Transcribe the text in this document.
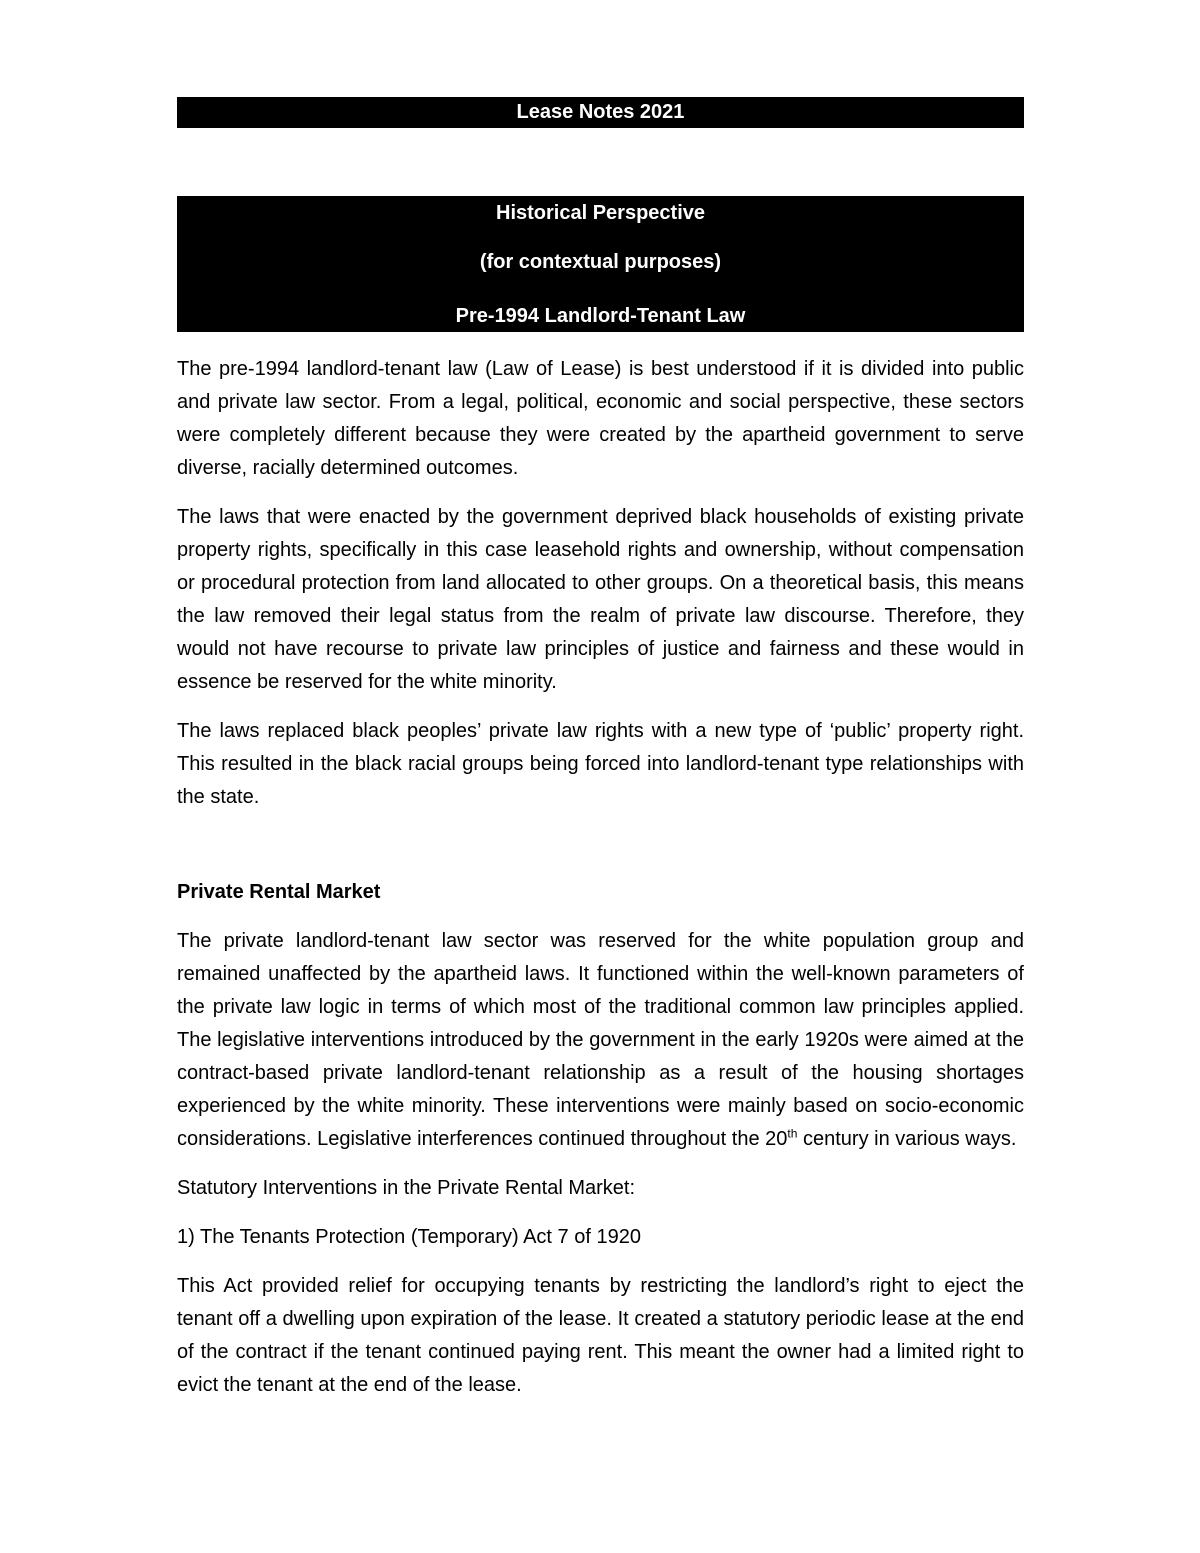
Lease Notes 2021
Historical Perspective
(for contextual purposes)
Pre-1994 Landlord-Tenant Law

The pre-1994 landlord-tenant law (Law of Lease) is best understood if it is divided into public and private law sector. From a legal, political, economic and social perspective, these sectors were completely different because they were created by the apartheid government to serve diverse, racially determined outcomes.

The laws that were enacted by the government deprived black households of existing private property rights, specifically in this case leasehold rights and ownership, without compensation or procedural protection from land allocated to other groups. On a theoretical basis, this means the law removed their legal status from the realm of private law discourse. Therefore, they would not have recourse to private law principles of justice and fairness and these would in essence be reserved for the white minority.

The laws replaced black peoples’ private law rights with a new type of ‘public’ property right. This resulted in the black racial groups being forced into landlord-tenant type relationships with the state.

Private Rental Market

The private landlord-tenant law sector was reserved for the white population group and remained unaffected by the apartheid laws. It functioned within the well-known parameters of the private law logic in terms of which most of the traditional common law principles applied. The legislative interventions introduced by the government in the early 1920s were aimed at the contract-based private landlord-tenant relationship as a result of the housing shortages experienced by the white minority. These interventions were mainly based on socio-economic considerations. Legislative interferences continued throughout the 20th century in various ways.

Statutory Interventions in the Private Rental Market:

1) The Tenants Protection (Temporary) Act 7 of 1920

This Act provided relief for occupying tenants by restricting the landlord’s right to eject the tenant off a dwelling upon expiration of the lease. It created a statutory periodic lease at the end of the contract if the tenant continued paying rent. This meant the owner had a limited right to evict the tenant at the end of the lease.
